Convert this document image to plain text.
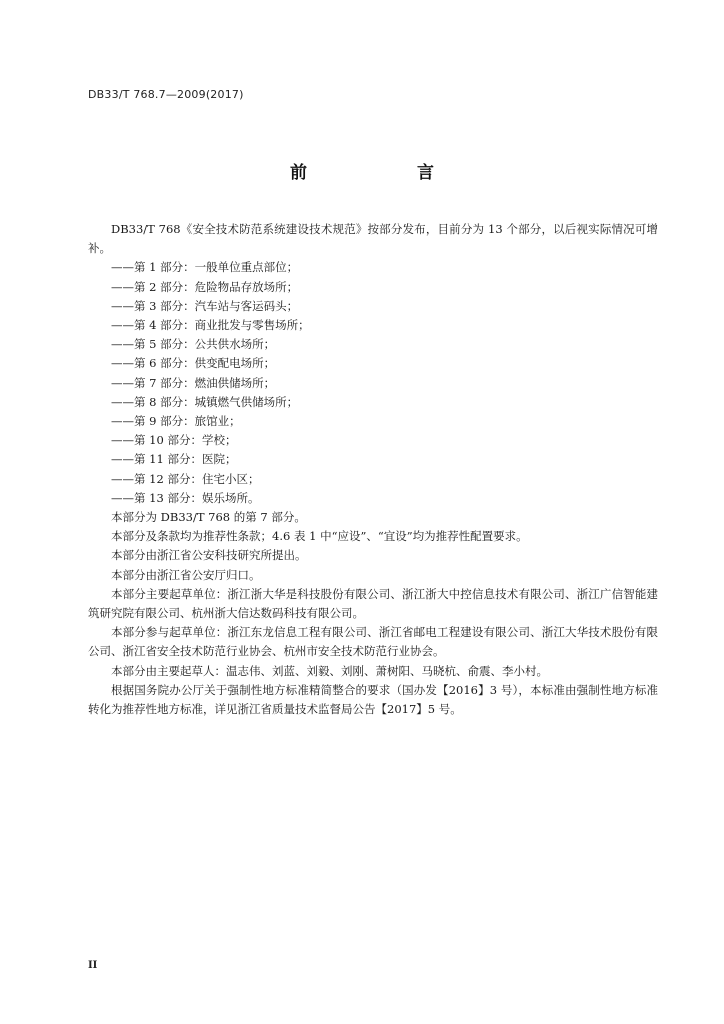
DB33/T 768.7—2009(2017)
前 言

DB33/T 768《安全技术防范系统建设技术规范》按部分发布，目前分为 13 个部分，以后视实际情况可增补。

——第 1 部分：一般单位重点部位；
——第 2 部分：危险物品存放场所；
——第 3 部分：汽车站与客运码头；
——第 4 部分：商业批发与零售场所；
——第 5 部分：公共供水场所；
——第 6 部分：供变配电场所；
——第 7 部分：燃油供储场所；
——第 8 部分：城镇燃气供储场所；
——第 9 部分：旅馆业；
——第 10 部分：学校；
——第 11 部分：医院；
——第 12 部分：住宅小区；
——第 13 部分：娱乐场所。

本部分为 DB33/T 768 的第 7 部分。

本部分及条款均为推荐性条款；4.6 表 1 中“应设”、“宜设”均为推荐性配置要求。

本部分由浙江省公安科技研究所提出。

本部分由浙江省公安厅归口。

本部分主要起草单位：浙江浙大华是科技股份有限公司、浙江浙大中控信息技术有限公司、浙江广信智能建筑研究院有限公司、杭州浙大信达数码科技有限公司。

本部分参与起草单位：浙江东龙信息工程有限公司、浙江省邮电工程建设有限公司、浙江大华技术股份有限公司、浙江省安全技术防范行业协会、杭州市安全技术防范行业协会。

本部分由主要起草人：温志伟、刘蓝、刘毅、刘刚、萧树阳、马晓杭、俞震、李小村。

根据国务院办公厅关于强制性地方标准精简整合的要求（国办发【2016】3 号），本标准由强制性地方标准转化为推荐性地方标准，详见浙江省质量技术监督局公告【2017】5 号。

II
